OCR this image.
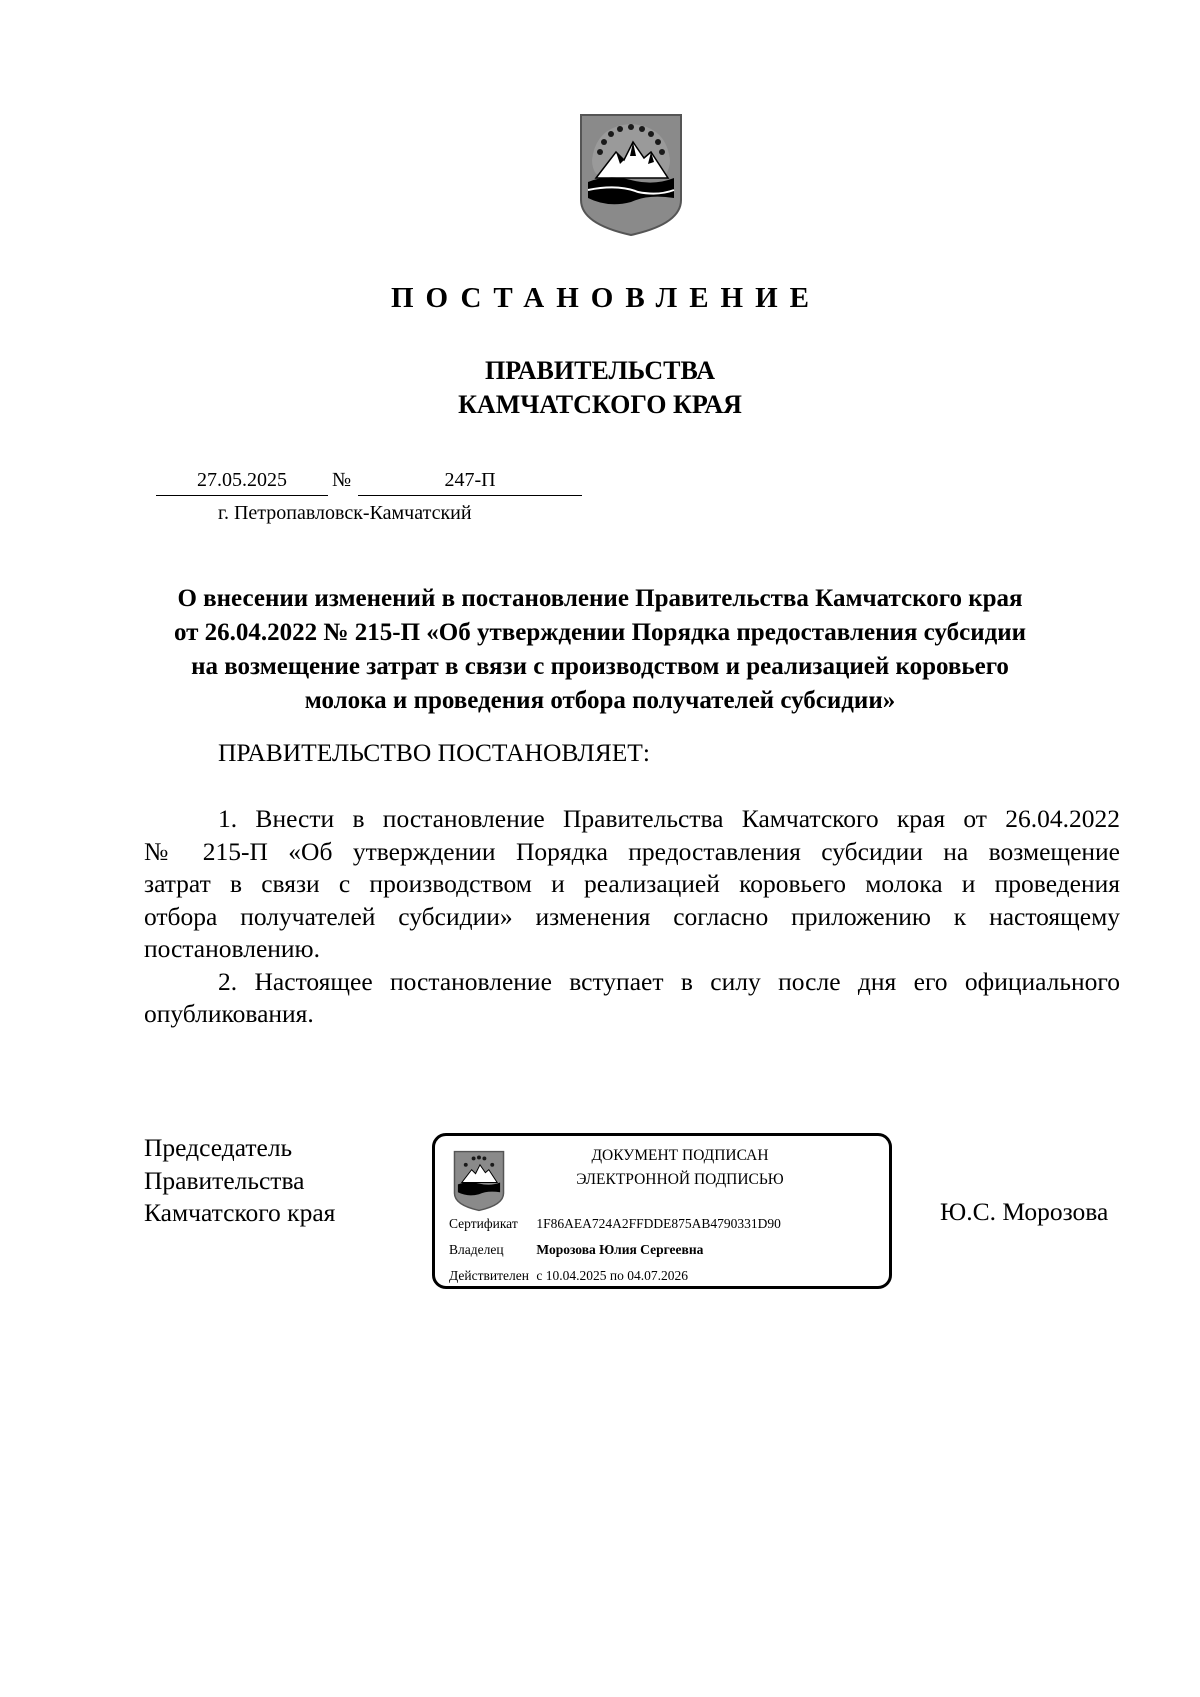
ПОСТАНОВЛЕНИЕ
ПРАВИТЕЛЬСТВА
КАМЧАТСКОГО КРАЯ
27.05.2025	№	247-П
г. Петропавловск-Камчатский
О внесении изменений в постановление Правительства Камчатского края
от 26.04.2022 № 215-П «Об утверждении Порядка предоставления субсидии
на возмещение затрат в связи с производством и реализацией коровьего
молока и проведения отбора получателей субсидии»
ПРАВИТЕЛЬСТВО ПОСТАНОВЛЯЕТ:
1. Внести в постановление Правительства Камчатского края от 26.04.2022
№ 215-П «Об утверждении Порядка предоставления субсидии на возмещение
затрат в связи с производством и реализацией коровьего молока и проведения
отбора получателей субсидии» изменения согласно приложению к настоящему
постановлению.
2. Настоящее постановление вступает в силу после дня его официального
опубликования.
Председатель
Правительства
Камчатского края
ДОКУМЕНТ ПОДПИСАН
ЭЛЕКТРОННОЙ ПОДПИСЬЮ
Сертификат 1F86AEA724A2FFDDE875AB4790331D90
Владелец Морозова Юлия Сергеевна
Действителен с 10.04.2025 по 04.07.2026
Ю.С. Морозова
